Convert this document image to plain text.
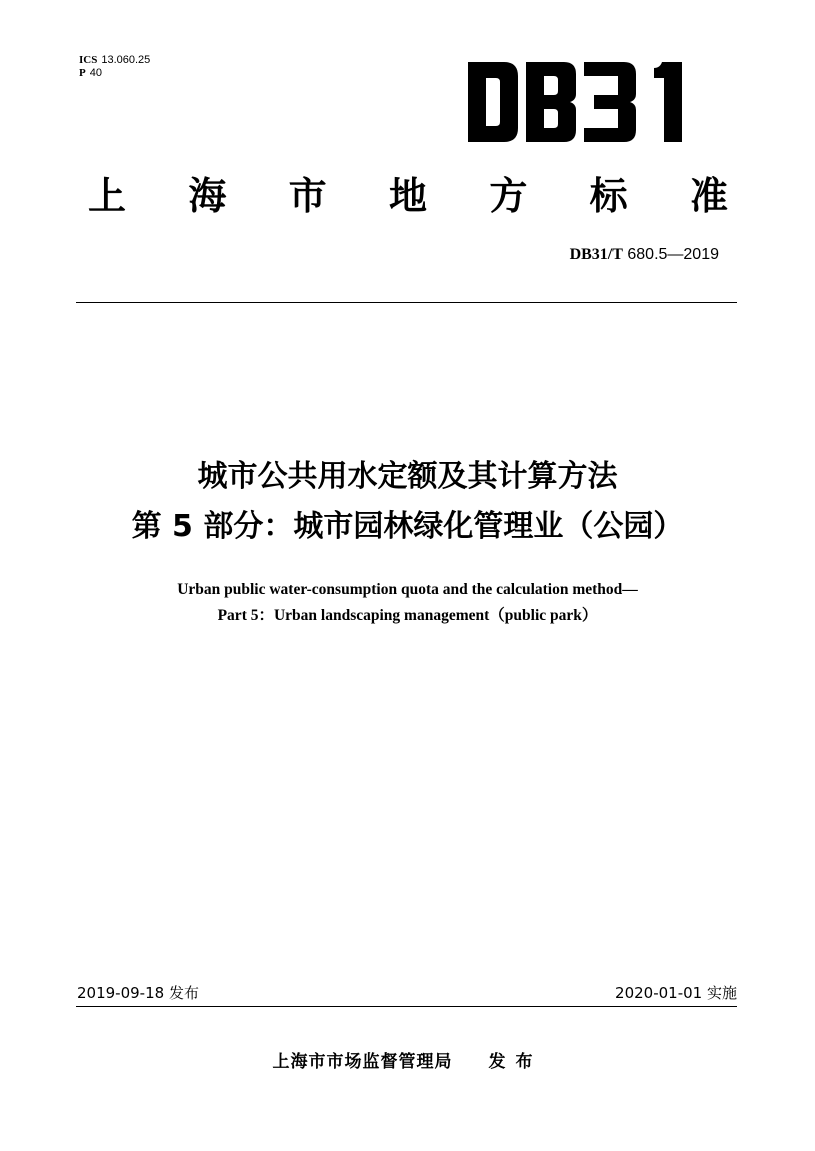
ICS 13.060.25
P 40
上 海 市 地 方 标 准
DB31/T 680.5—2019
城市公共用水定额及其计算方法
第 5 部分：城市园林绿化管理业（公园）
Urban public water-consumption quota and the calculation method—
Part 5：Urban landscaping management（public park）
2019-09-18 发布	2020-01-01 实施
上海市市场监督管理局 发布
